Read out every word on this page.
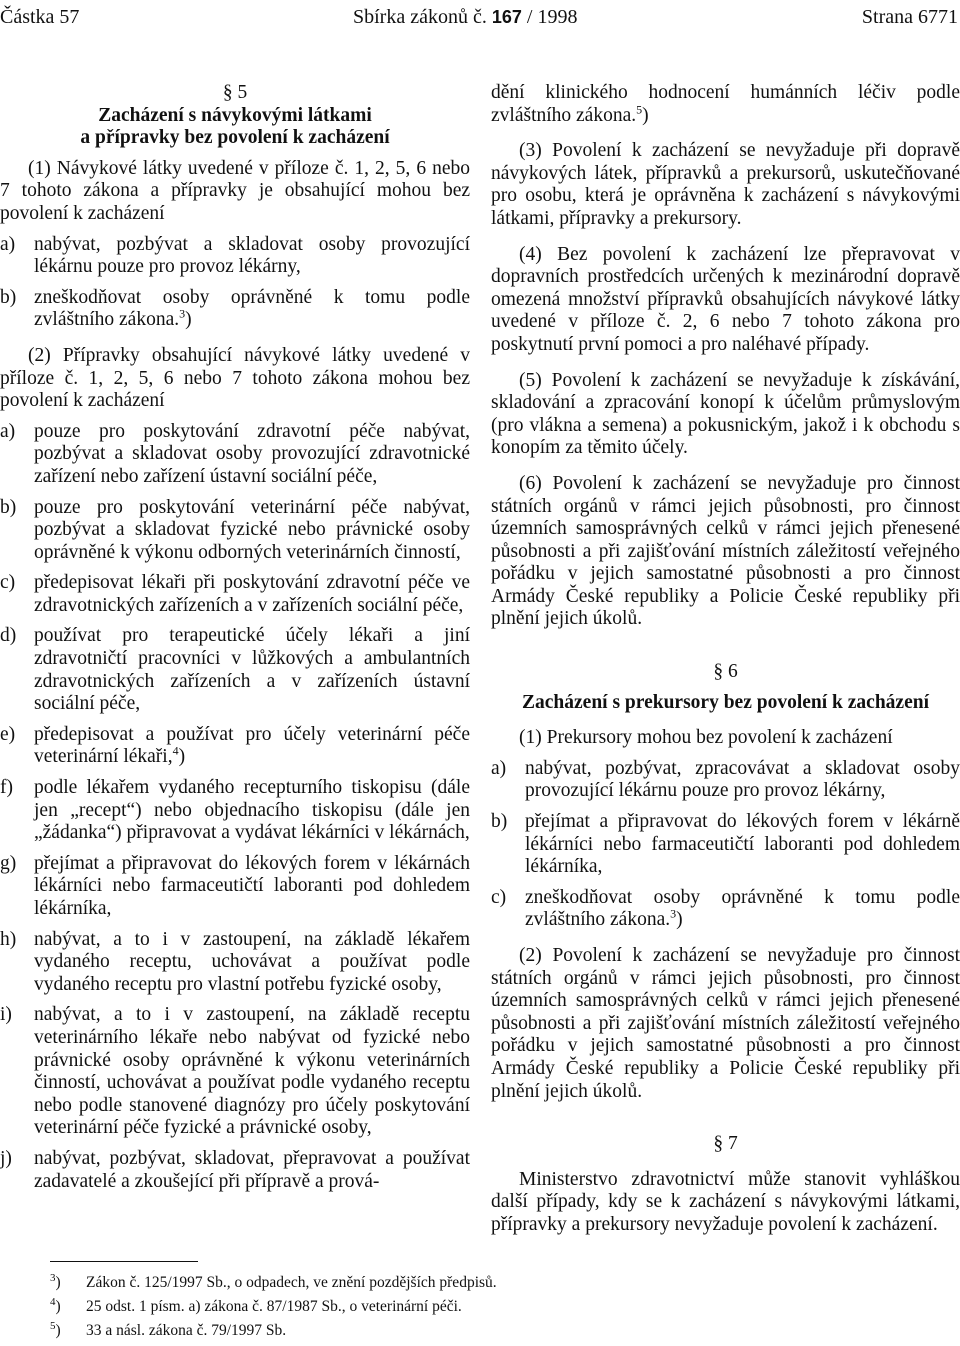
Částka 57	Sbírka zákonů č. 167 / 1998	Strana 6771

§ 5

Zacházení s návykovými látkami

a přípravky bez povolení k zacházení

(1) Návykové látky uvedené v příloze č. 1, 2, 5, 6 nebo 7 tohoto zákona a přípravky je obsahující mohou bez povolení k zacházení

a) nabývat, pozbývat a skladovat osoby provozující lékárnu pouze pro provoz lékárny,
b) zneškodňovat osoby oprávněné k tomu podle zvláštního zákona.$^3$)

(2) Přípravky obsahující návykové látky uvedené v příloze č. 1, 2, 5, 6 nebo 7 tohoto zákona mohou bez povolení k zacházení

a) pouze pro poskytování zdravotní péče nabývat, pozbývat a skladovat osoby provozující zdravotnické zařízení nebo zařízení ústavní sociální péče,
b) pouze pro poskytování veterinární péče nabývat, pozbývat a skladovat fyzické nebo právnické osoby oprávněné k výkonu odborných veterinárních činností,
c) předepisovat lékaři při poskytování zdravotní péče ve zdravotnických zařízeních a v zařízeních sociální péče,
d) používat pro terapeutické účely lékaři a jiní zdravotničtí pracovníci v lůžkových a ambulantních zdravotnických zařízeních a v zařízeních ústavní sociální péče,
e) předepisovat a používat pro účely veterinární péče veterinární lékaři,$^4$)
f)	podle lékařem vydaného recepturního tiskopisu (dále jen „recept“) nebo objednacího tiskopisu (dále jen „žádanka“) připravovat a vydávat lékárníci v lékárnách,
g) přejímat a připravovat do lékových forem v lékárnách lékárníci nebo farmaceutičtí laboranti pod dohledem lékárníka,
h) nabývat, a to i v zastoupení, na základě lékařem vydaného receptu, uchovávat a používat podle vydaného receptu pro vlastní potřebu fyzické osoby,
i)	nabývat, a to i v zastoupení, na základě receptu veterinárního lékaře nebo nabývat od fyzické nebo právnické osoby oprávněné k výkonu veterinárních činností, uchovávat a používat podle vydaného receptu nebo podle stanovené diagnózy pro účely poskytování veterinární péče fyzické a právnické osoby,
j)	nabývat, pozbývat, skladovat, přepravovat a používat zadavatelé a zkoušející při přípravě a prová-

dění klinického hodnocení humánních léčiv podle zvláštního zákona.$^5$)

(3) Povolení k zacházení se nevyžaduje při dopravě návykových látek, přípravků a prekursorů, uskutečňované pro osobu, která je oprávněna k zacházení s návykovými látkami, přípravky a prekursory.

(4) Bez povolení k zacházení lze přepravovat v dopravních prostředcích určených k mezinárodní dopravě omezená množství přípravků obsahujících návykové látky uvedené v příloze č. 2, 6 nebo 7 tohoto zákona pro poskytnutí první pomoci a pro naléhavé případy.

(5) Povolení k zacházení se nevyžaduje k získávání, skladování a zpracování konopí k účelům průmyslovým (pro vlákna a semena) a pokusnickým, jakož i k obchodu s konopím za těmito účely.

(6) Povolení k zacházení se nevyžaduje pro činnost státních orgánů v rámci jejich působnosti, pro činnost územních samosprávných celků v rámci jejich přenesené působnosti a při zajišťování místních záležitostí veřejného pořádku v jejich samostatné působnosti a pro činnost Armády České republiky a Policie České republiky při plnění jejich úkolů.

§ 6

Zacházení s prekursory bez povolení k zacházení

(1) Prekursory mohou bez povolení k zacházení

a) nabývat, pozbývat, zpracovávat a skladovat osoby provozující lékárnu pouze pro provoz lékárny,
b) přejímat a připravovat do lékových forem v lékárně lékárníci nebo farmaceutičtí laboranti pod dohledem lékárníka,
c) zneškodňovat osoby oprávněné k tomu podle zvláštního zákona.$^3$)

(2) Povolení k zacházení se nevyžaduje pro činnost státních orgánů v rámci jejich působnosti, pro činnost územních samosprávných celků v rámci jejich přenesené působnosti a při zajišťování místních záležitostí veřejného pořádku v jejich samostatné působnosti a pro činnost Armády České republiky a Policie České republiky při plnění jejich úkolů.

§ 7

Ministerstvo zdravotnictví může stanovit vyhláškou další případy, kdy se k zacházení s návykovými látkami, přípravky a prekursory nevyžaduje povolení k zacházení.

$^3$)	Zákon č. 125/1997 Sb., o odpadech, ve znění pozdějších předpisů.
$^4$)	25 odst. 1 písm. a) zákona č. 87/1987 Sb., o veterinární péči.
$^5$)	33 a násl. zákona č. 79/1997 Sb.
